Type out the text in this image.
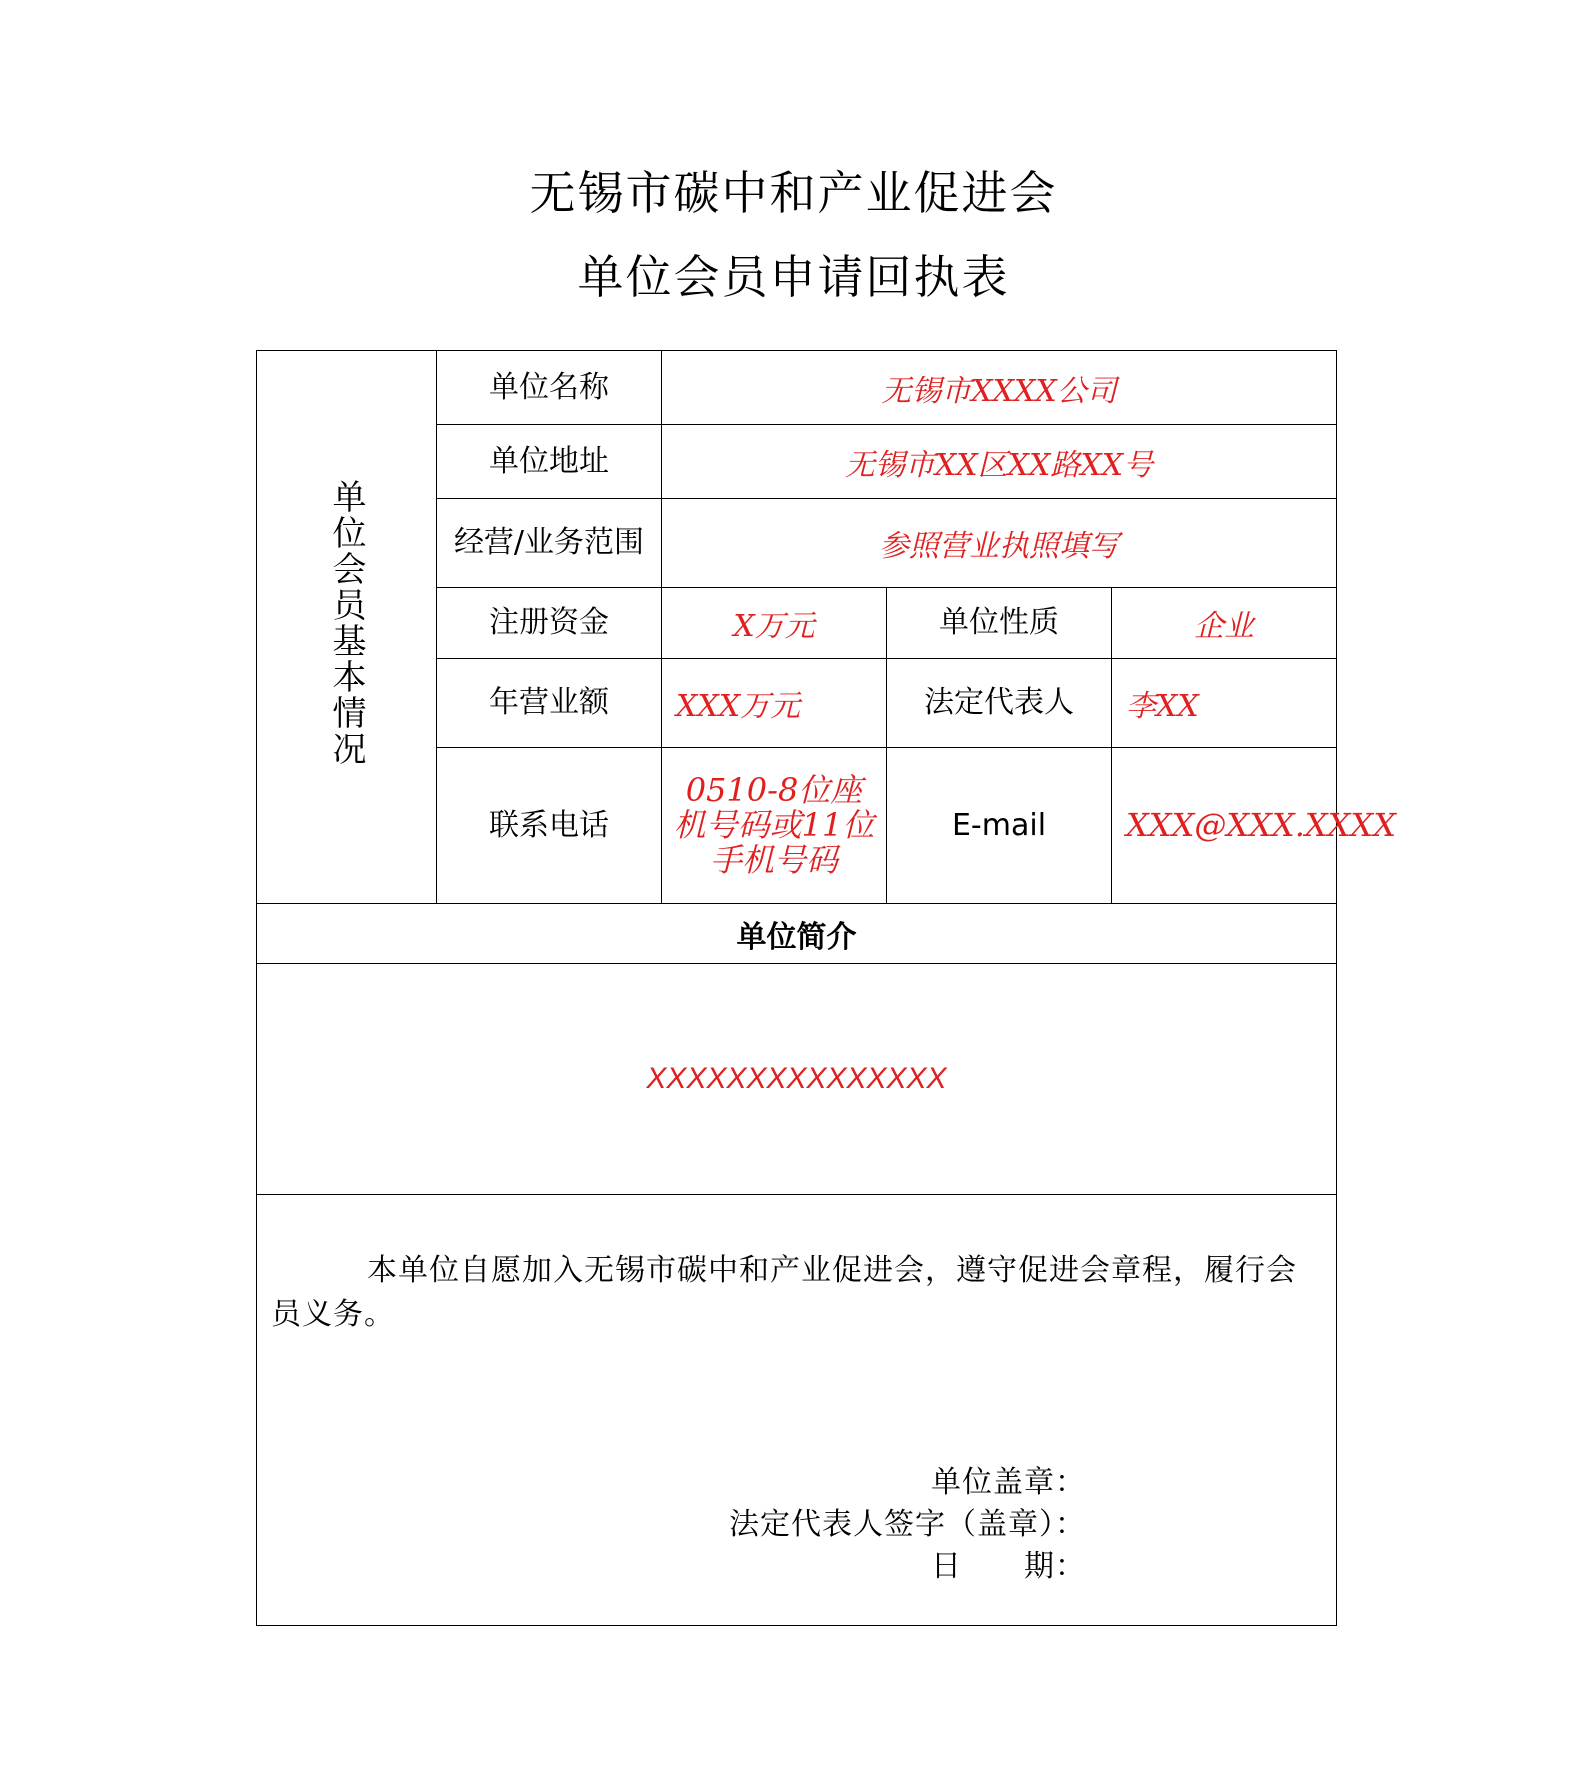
无锡市碳中和产业促进会
单位会员申请回执表
单位会员基本情况	单位名称	无锡市XXXX公司		
	单位地址	无锡市XX区XX路XX号		
	经营/业务范围	参照营业执照填写		
	注册资金	X万元	单位性质	企业
	年营业额	XXX万元	法定代表人	李XX
	联系电话	0510-8位座机号码或11位手机号码	E-mail	XXX@XXX.XXXX
单位简介				
XXXXXXXXXXXXXXX				

本单位自愿加入无锡市碳中和产业促进会，遵守促进会章程，履行会员义务。
单位盖章：
法定代表人签字（盖章）：
日　　期：				
